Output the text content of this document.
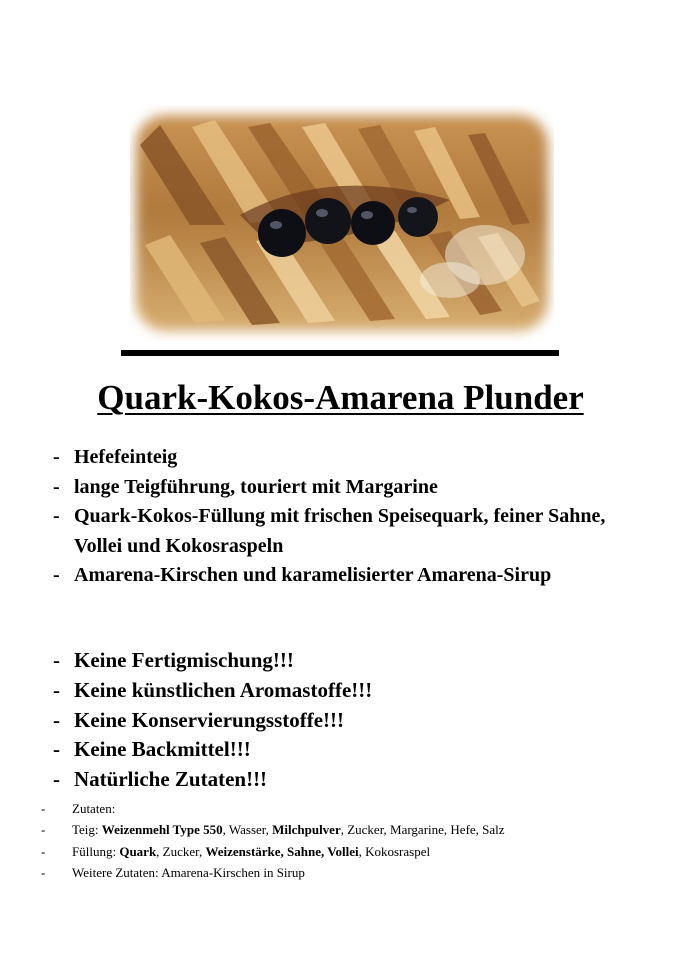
Quark-Kokos-Amarena Plunder
- Hefefeinteig
- lange Teigführung, touriert mit Margarine
- Quark-Kokos-Füllung mit frischen Speisequark, feiner Sahne, Vollei und Kokosraspeln
- Amarena-Kirschen und karamelisierter Amarena-Sirup
- Keine Fertigmischung!!!
- Keine künstlichen Aromastoffe!!!
- Keine Konservierungsstoffe!!!
- Keine Backmittel!!!
- Natürliche Zutaten!!!
- Zutaten:
- Teig: Weizenmehl Type 550, Wasser, Milchpulver, Zucker, Margarine, Hefe, Salz
- Füllung: Quark, Zucker, Weizenstärke, Sahne, Vollei, Kokosraspel
- Weitere Zutaten: Amarena-Kirschen in Sirup
